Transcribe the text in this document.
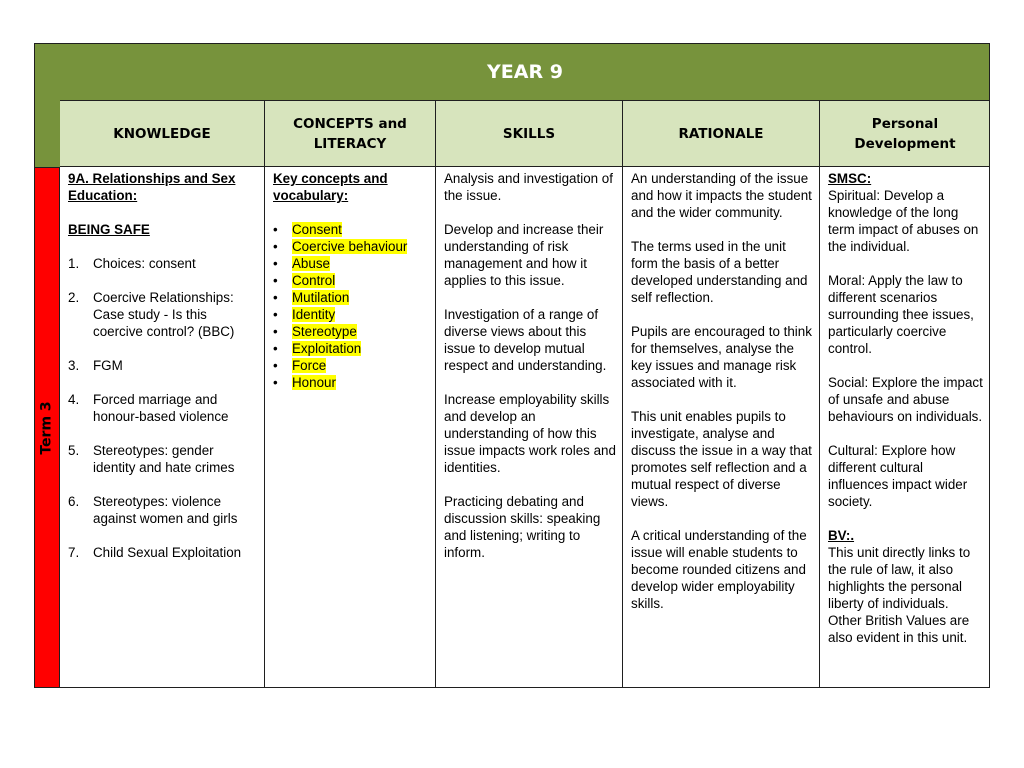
Term 3
YEAR 9
KNOWLEDGE
CONCEPTS and
LITERACY
SKILLS	RATIONALE
Personal
Development
9A. Relationships and Sex Education:
BEING SAFE
1. Choices: consent
2. Coercive Relationships: Case study - Is this coercive control? (BBC)
3. FGM
4. Forced marriage and honour-based violence
5. Stereotypes: gender identity and hate crimes
6. Stereotypes: violence against women and girls
7. Child Sexual Exploitation
Key concepts and vocabulary:
• Consent
• Coercive behaviour
• Abuse
• Control
• Mutilation
• Identity
• Stereotype
• Exploitation
• Force
• Honour

Analysis and investigation of the issue.

Develop and increase their understanding of risk management and how it applies to this issue.

Investigation of a range of diverse views about this issue to develop mutual respect and understanding.

Increase employability skills and develop an understanding of how this issue impacts work roles and identities.

Practicing debating and discussion skills: speaking and listening; writing to inform.

An understanding of the issue and how it impacts the student and the wider community.

The terms used in the unit form the basis of a better developed understanding and self reflection.

Pupils are encouraged to think for themselves, analyse the key issues and manage risk associated with it.

This unit enables pupils to investigate, analyse and discuss the issue in a way that promotes self reflection and a mutual respect of diverse views.

A critical understanding of the issue will enable students to become rounded citizens and develop wider employability skills.

SMSC:

Spiritual: Develop a knowledge of the long term impact of abuses on the individual.

Moral: Apply the law to different scenarios surrounding thee issues, particularly coercive control.

Social: Explore the impact of unsafe and abuse behaviours on individuals.

Cultural: Explore how different cultural influences impact wider society.

BV:.

This unit directly links to the rule of law, it also highlights the personal liberty of individuals. Other British Values are also evident in this unit.
